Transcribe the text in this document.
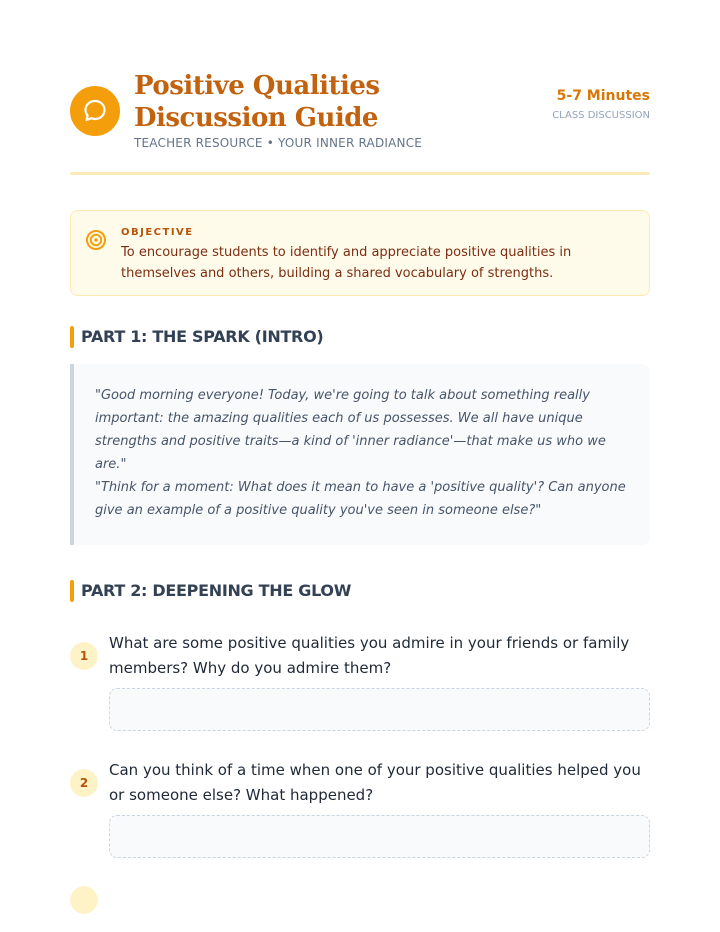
Positive Qualities Discussion Guide
TEACHER RESOURCE • YOUR INNER RADIANCE
5-7 Minutes
CLASS DISCUSSION
OBJECTIVE
To encourage students to identify and appreciate positive qualities in themselves and others, building a shared vocabulary of strengths.
PART 1: THE SPARK (INTRO)

"Good morning everyone! Today, we're going to talk about something really important: the amazing qualities each of us possesses. We all have unique strengths and positive traits—a kind of 'inner radiance'—that make us who we are."

"Think for a moment: What does it mean to have a 'positive quality'? Can anyone give an example of a positive quality you've seen in someone else?"

PART 2: DEEPENING THE GLOW
1

What are some positive qualities you admire in your friends or family members? Why do you admire them?

2

Can you think of a time when one of your positive qualities helped you or someone else? What happened?
